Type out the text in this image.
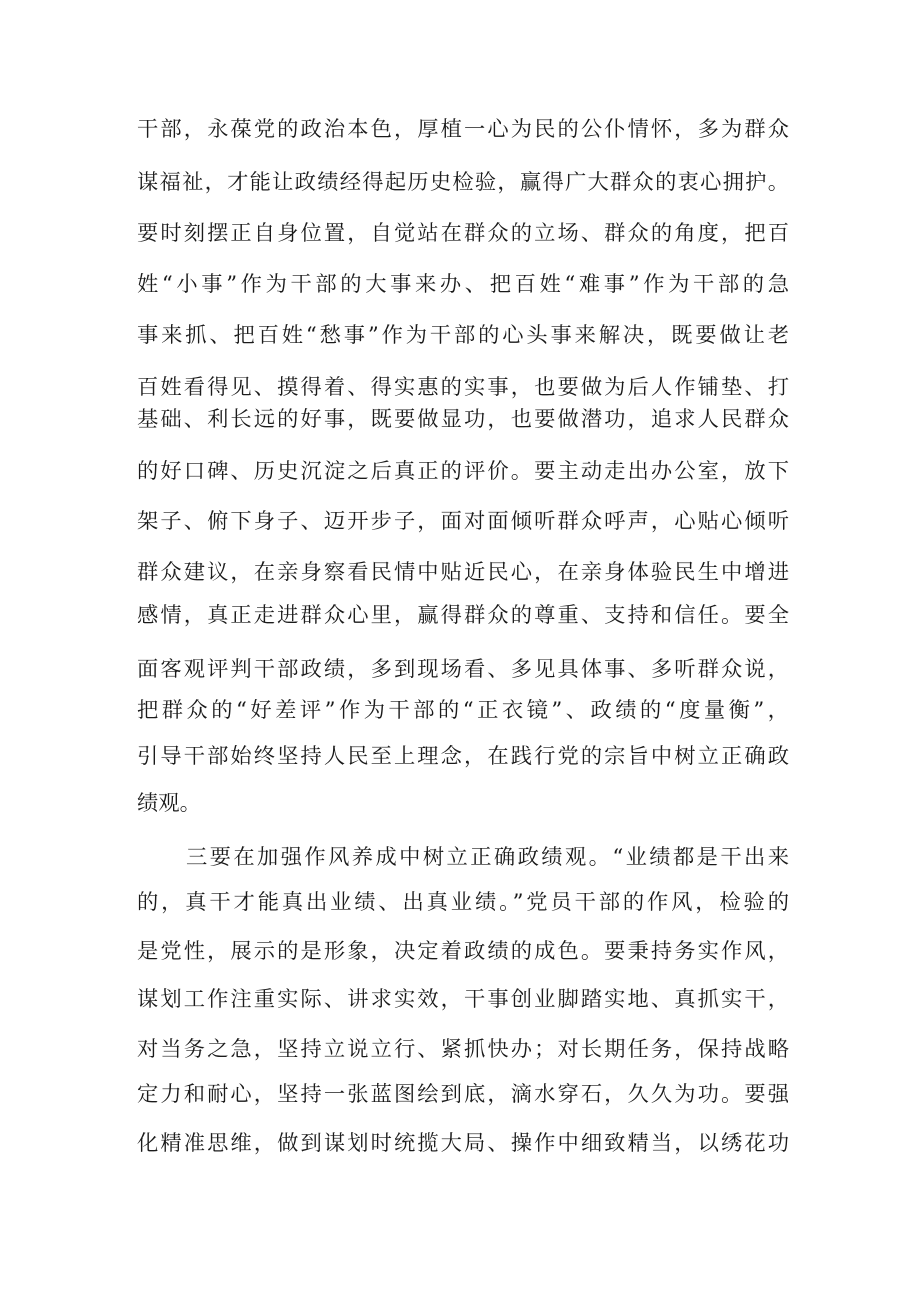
干部，永葆党的政治本色，厚植一心为民的公仆情怀，多为群众
谋福祉，才能让政绩经得起历史检验，赢得广大群众的衷心拥护。
要时刻摆正自身位置，自觉站在群众的立场、群众的角度，把百
姓“小事”作为干部的大事来办、把百姓“难事”作为干部的急
事来抓、把百姓“愁事”作为干部的心头事来解决，既要做让老
百姓看得见、摸得着、得实惠的实事，也要做为后人作铺垫、打
基础、利长远的好事，既要做显功，也要做潜功，追求人民群众
的好口碑、历史沉淀之后真正的评价。要主动走出办公室，放下
架子、俯下身子、迈开步子，面对面倾听群众呼声，心贴心倾听
群众建议，在亲身察看民情中贴近民心，在亲身体验民生中增进
感情，真正走进群众心里，赢得群众的尊重、支持和信任。要全
面客观评判干部政绩，多到现场看、多见具体事、多听群众说，
把群众的“好差评”作为干部的“正衣镜”、政绩的“度量衡”，
引导干部始终坚持人民至上理念，在践行党的宗旨中树立正确政
绩观。
三要在加强作风养成中树立正确政绩观。“业绩都是干出来
的，真干才能真出业绩、出真业绩。”党员干部的作风，检验的
是党性，展示的是形象，决定着政绩的成色。要秉持务实作风，
谋划工作注重实际、讲求实效，干事创业脚踏实地、真抓实干，
对当务之急，坚持立说立行、紧抓快办；对长期任务，保持战略
定力和耐心，坚持一张蓝图绘到底，滴水穿石，久久为功。要强
化精准思维，做到谋划时统揽大局、操作中细致精当，以绣花功
